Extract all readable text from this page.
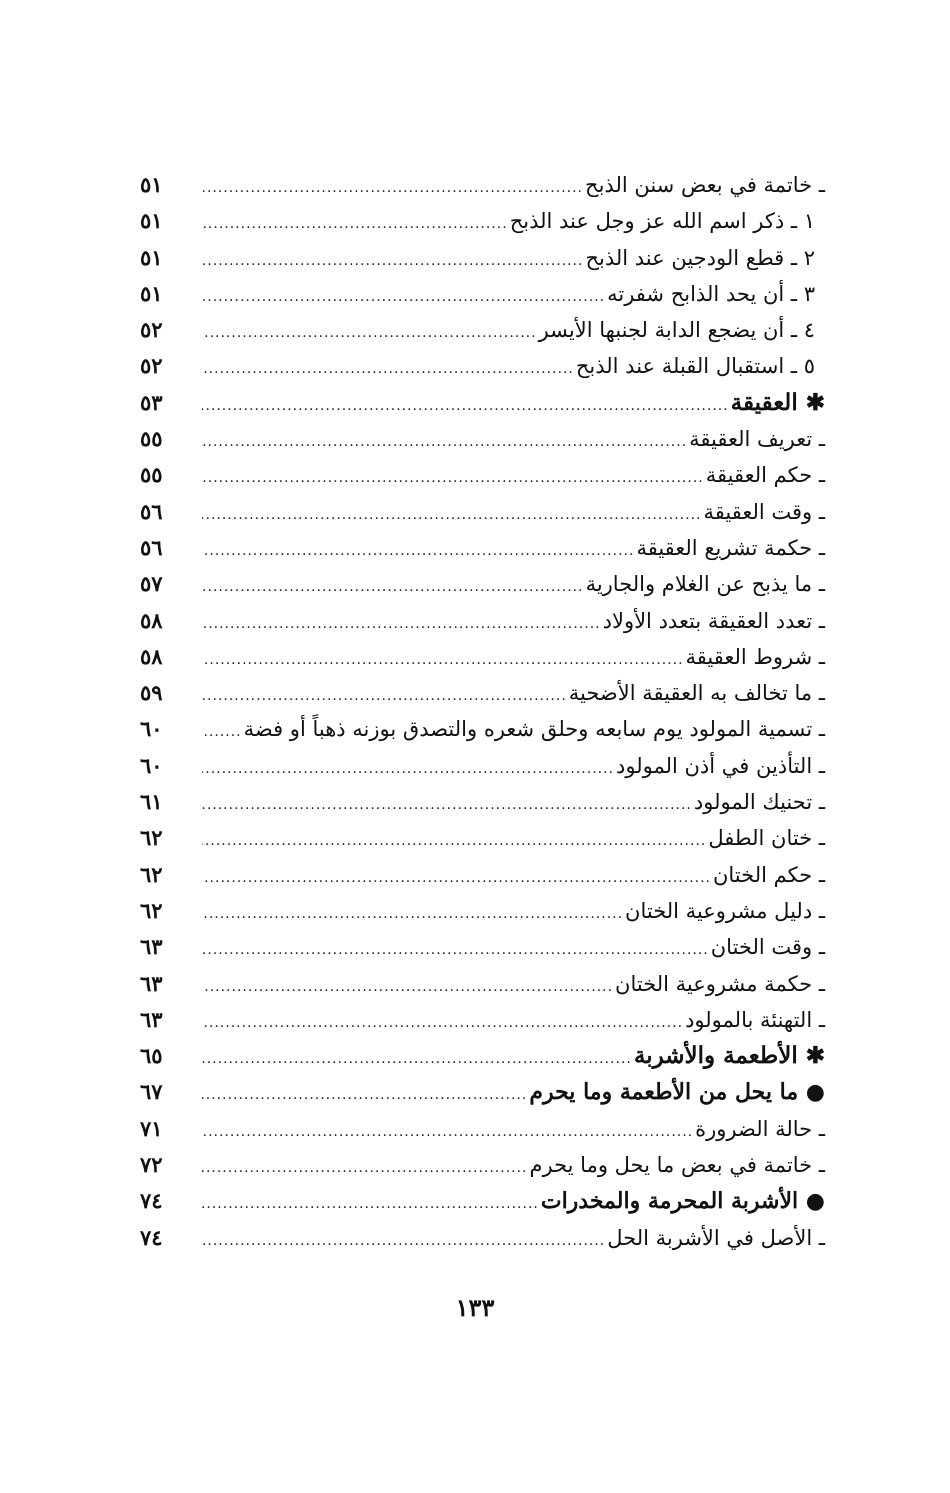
ـ خاتمة في بعض سنن الذبح
.....
٥١
١ ـ ذكر اسم الله عز وجل عند الذبح
.....
٥١
٢ ـ قطع الودجين عند الذبح
.....
٥١
٣ ـ أن يحد الذابح شفرته
.....
٥١
٤ ـ أن يضجع الدابة لجنبها الأيسر
.....
٥٢
٥ ـ استقبال القبلة عند الذبح
.....
٥٢
✱ العقيقة
.....
٥٣
ـ تعريف العقيقة
.....
٥٥
ـ حكم العقيقة
.....
٥٥
ـ وقت العقيقة
.....
٥٦
ـ حكمة تشريع العقيقة
.....
٥٦
ـ ما يذبح عن الغلام والجارية
.....
٥٧
ـ تعدد العقيقة بتعدد الأولاد
.....
٥٨
ـ شروط العقيقة
.....
٥٨
ـ ما تخالف به العقيقة الأضحية
.....
٥٩
ـ تسمية المولود يوم سابعه وحلق شعره والتصدق بوزنه ذهباً أو فضة
.....
٦٠
ـ التأذين في أذن المولود
.....
٦٠
ـ تحنيك المولود
.....
٦١
ـ ختان الطفل
.....
٦٢
ـ حكم الختان
.....
٦٢
ـ دليل مشروعية الختان
.....
٦٢
ـ وقت الختان
.....
٦٣
ـ حكمة مشروعية الختان
.....
٦٣
ـ التهنئة بالمولود
.....
٦٣
✱ الأطعمة والأشربة
.....
٦٥
● ما يحل من الأطعمة وما يحرم
.....
٦٧
ـ حالة الضرورة
.....
٧١
ـ خاتمة في بعض ما يحل وما يحرم
.....
٧٢
● الأشربة المحرمة والمخدرات
.....
٧٤
ـ الأصل في الأشربة الحل
.....
٧٤
١٣٣
